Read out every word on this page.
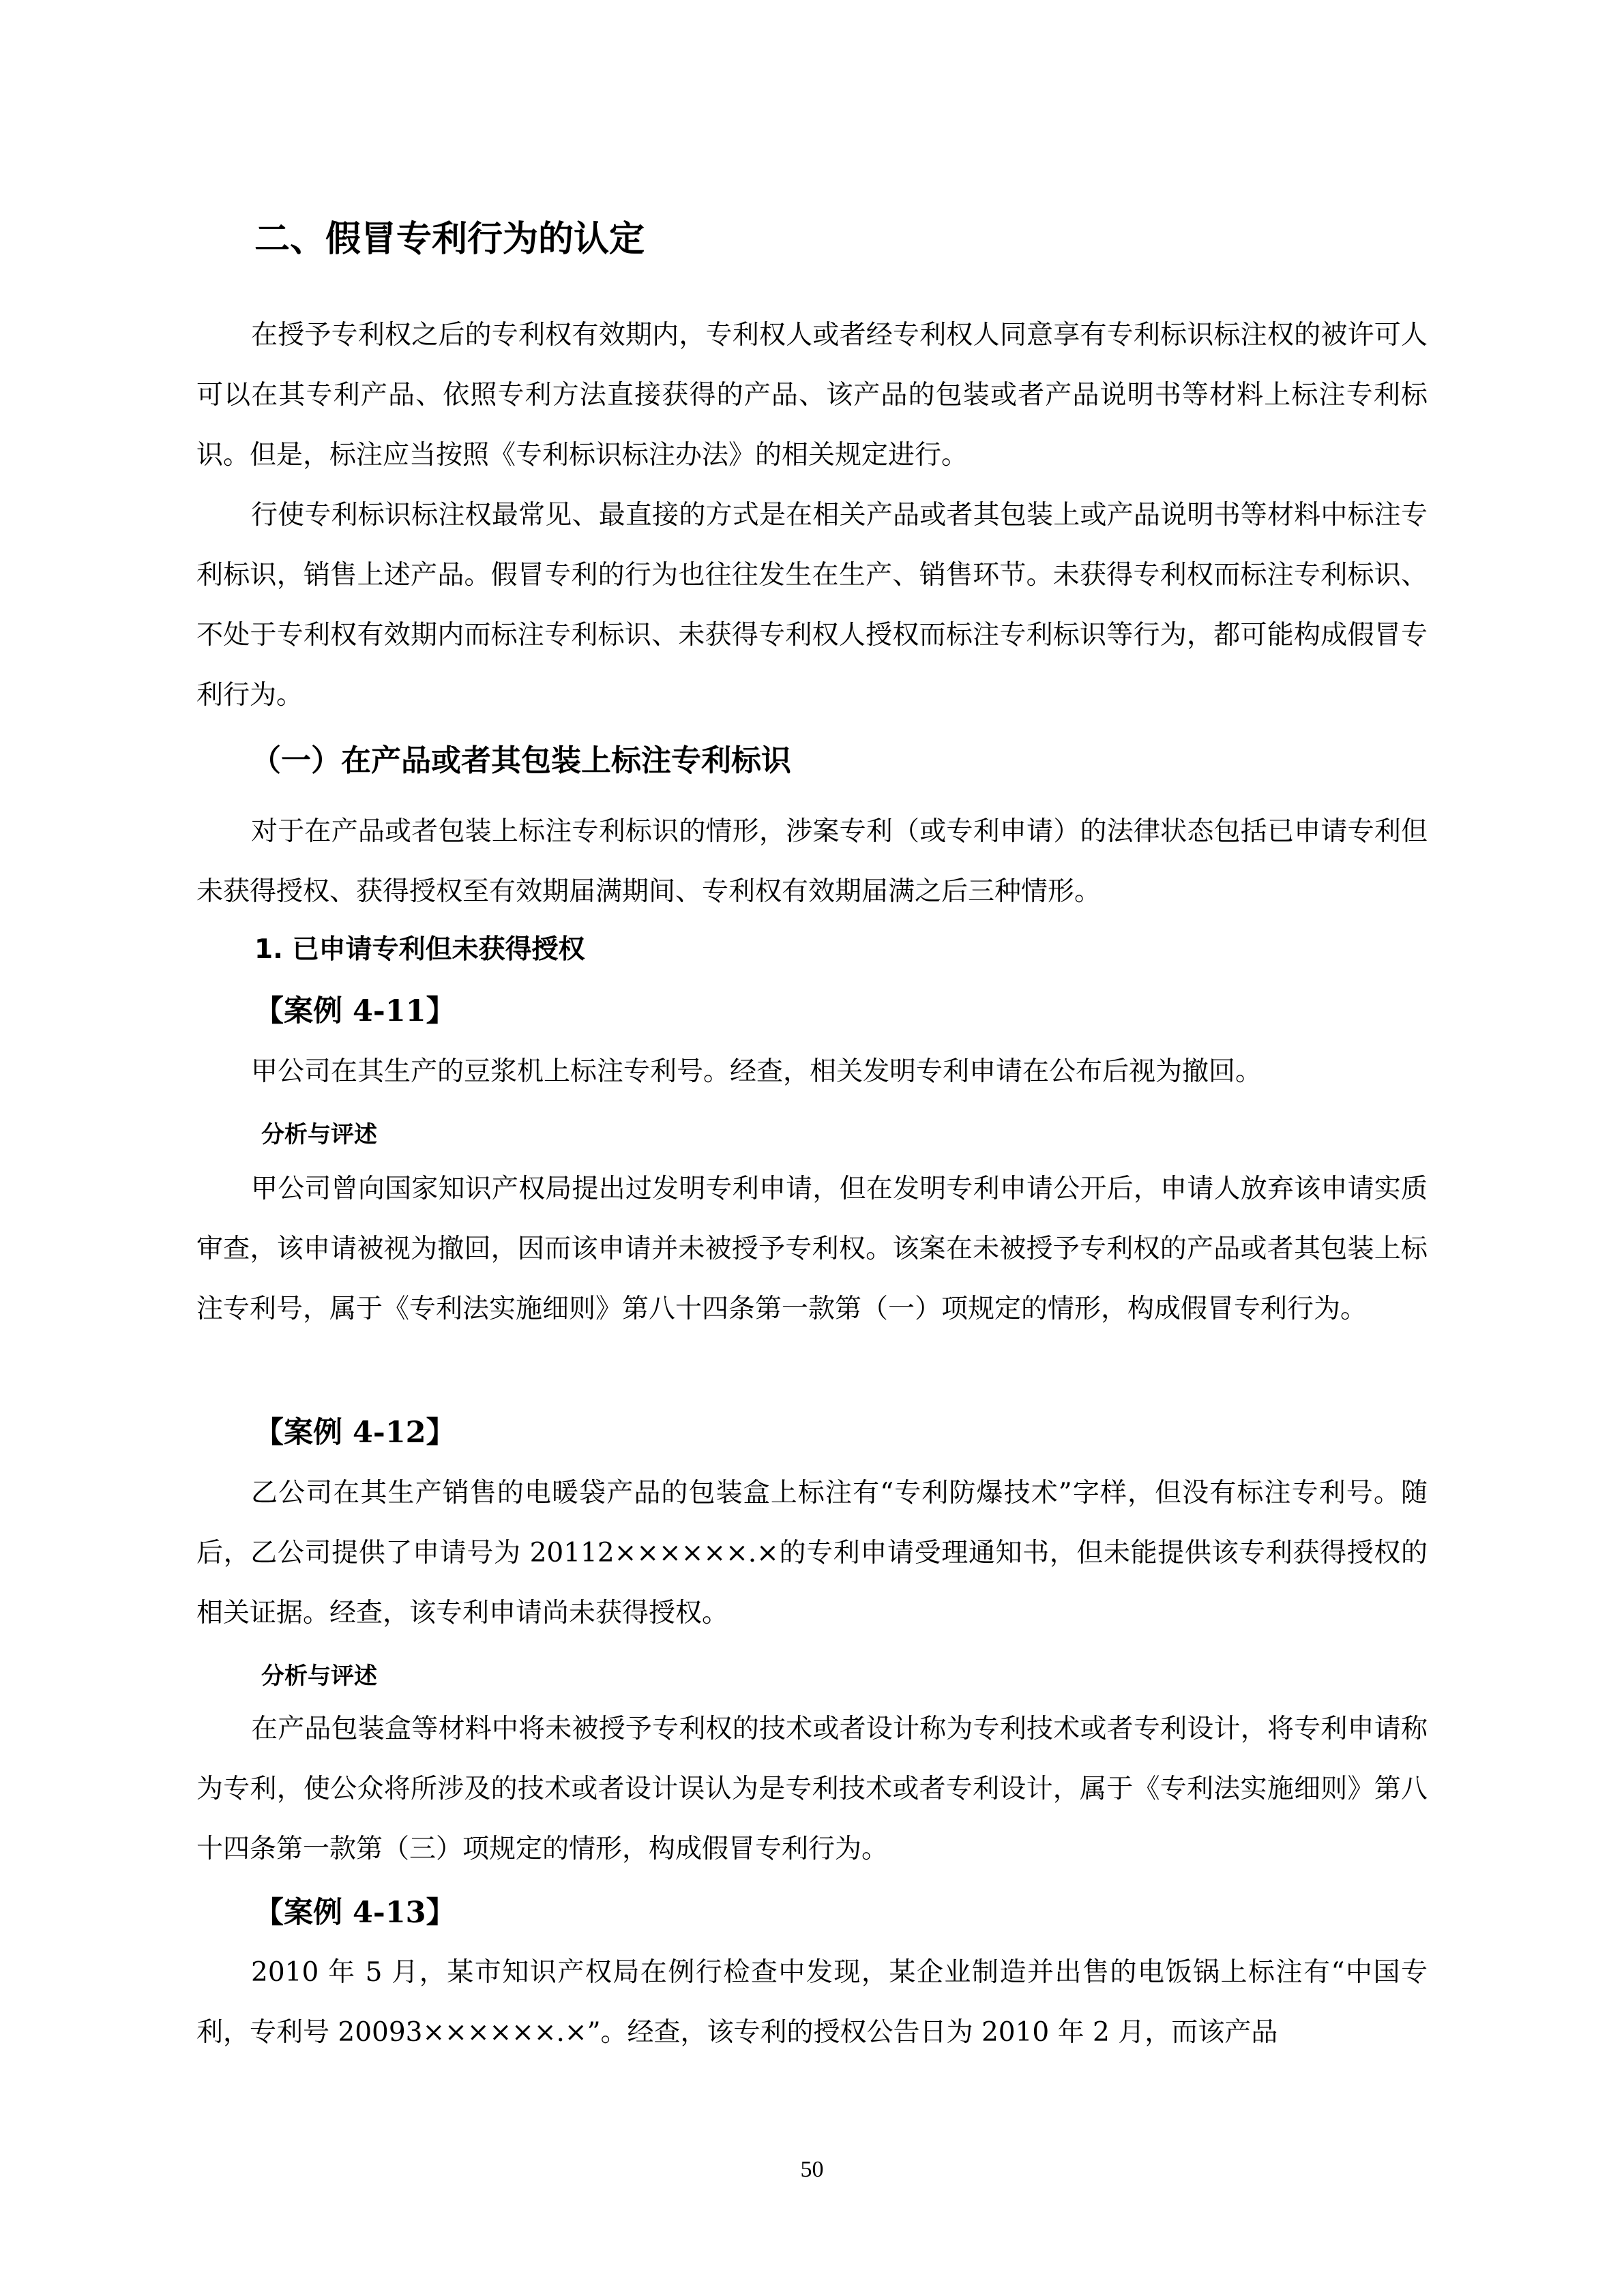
二、假冒专利行为的认定

在授予专利权之后的专利权有效期内，专利权人或者经专利权人同意享有专利标识标注权的被许可人可以在其专利产品、依照专利方法直接获得的产品、该产品的包装或者产品说明书等材料上标注专利标识。但是，标注应当按照《专利标识标注办法》的相关规定进行。

行使专利标识标注权最常见、最直接的方式是在相关产品或者其包装上或产品说明书等材料中标注专利标识，销售上述产品。假冒专利的行为也往往发生在生产、销售环节。未获得专利权而标注专利标识、不处于专利权有效期内而标注专利标识、未获得专利权人授权而标注专利标识等行为，都可能构成假冒专利行为。

（一）在产品或者其包装上标注专利标识

对于在产品或者包装上标注专利标识的情形，涉案专利（或专利申请）的法律状态包括已申请专利但未获得授权、获得授权至有效期届满期间、专利权有效期届满之后三种情形。

1. 已申请专利但未获得授权
【案例 4-11】

甲公司在其生产的豆浆机上标注专利号。经查，相关发明专利申请在公布后视为撤回。

分析与评述

甲公司曾向国家知识产权局提出过发明专利申请，但在发明专利申请公开后，申请人放弃该申请实质审查，该申请被视为撤回，因而该申请并未被授予专利权。该案在未被授予专利权的产品或者其包装上标注专利号，属于《专利法实施细则》第八十四条第一款第（一）项规定的情形，构成假冒专利行为。

【案例 4-12】

乙公司在其生产销售的电暖袋产品的包装盒上标注有“专利防爆技术”字样，但没有标注专利号。随后，乙公司提供了申请号为 20112××××××.×的专利申请受理通知书，但未能提供该专利获得授权的相关证据。经查，该专利申请尚未获得授权。

分析与评述

在产品包装盒等材料中将未被授予专利权的技术或者设计称为专利技术或者专利设计，将专利申请称为专利，使公众将所涉及的技术或者设计误认为是专利技术或者专利设计，属于《专利法实施细则》第八十四条第一款第（三）项规定的情形，构成假冒专利行为。

【案例 4-13】

2010 年 5 月，某市知识产权局在例行检查中发现，某企业制造并出售的电饭锅上标注有“中国专利，专利号 20093××××××.×”。经查，该专利的授权公告日为 2010 年 2 月，而该产品

50
